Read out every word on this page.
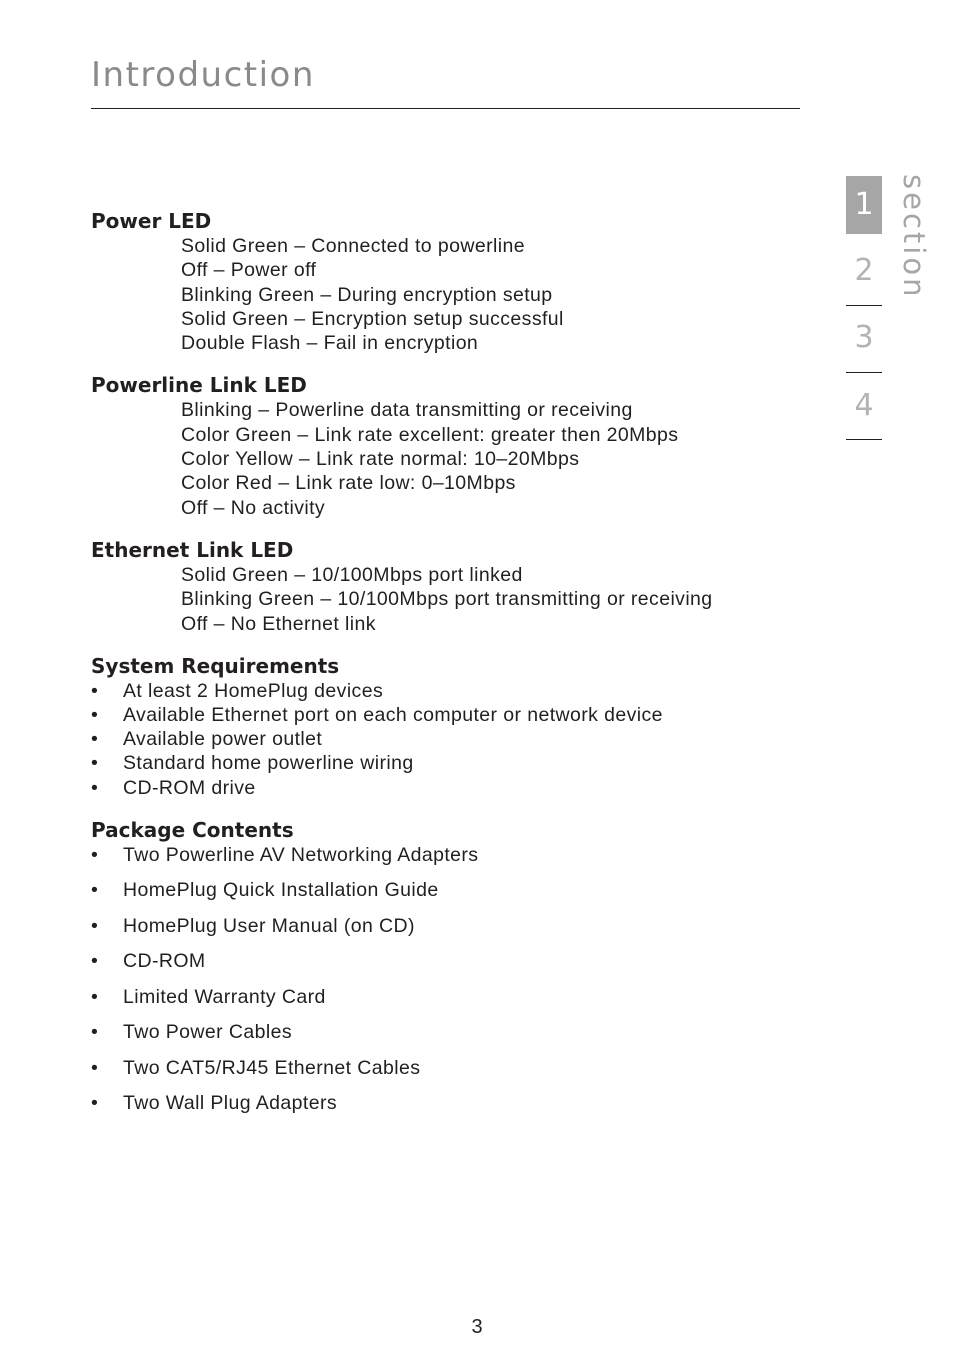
Introduction
1
2
3
4
section
Power LED
Solid Green – Connected to powerline
Off – Power off
Blinking Green – During encryption setup
Solid Green – Encryption setup successful
Double Flash – Fail in encryption
Powerline Link LED
Blinking – Powerline data transmitting or receiving
Color Green – Link rate excellent: greater then 20Mbps
Color Yellow – Link rate normal: 10–20Mbps
Color Red – Link rate low: 0–10Mbps
Off – No activity
Ethernet Link LED
Solid Green – 10/100Mbps port linked
Blinking Green – 10/100Mbps port transmitting or receiving
Off – No Ethernet link
System Requirements
• At least 2 HomePlug devices
• Available Ethernet port on each computer or network device
• Available power outlet
• Standard home powerline wiring
• CD-ROM drive
Package Contents
• Two Powerline AV Networking Adapters
• HomePlug Quick Installation Guide
• HomePlug User Manual (on CD)
• CD-ROM
• Limited Warranty Card
• Two Power Cables
• Two CAT5/RJ45 Ethernet Cables
• Two Wall Plug Adapters
3
